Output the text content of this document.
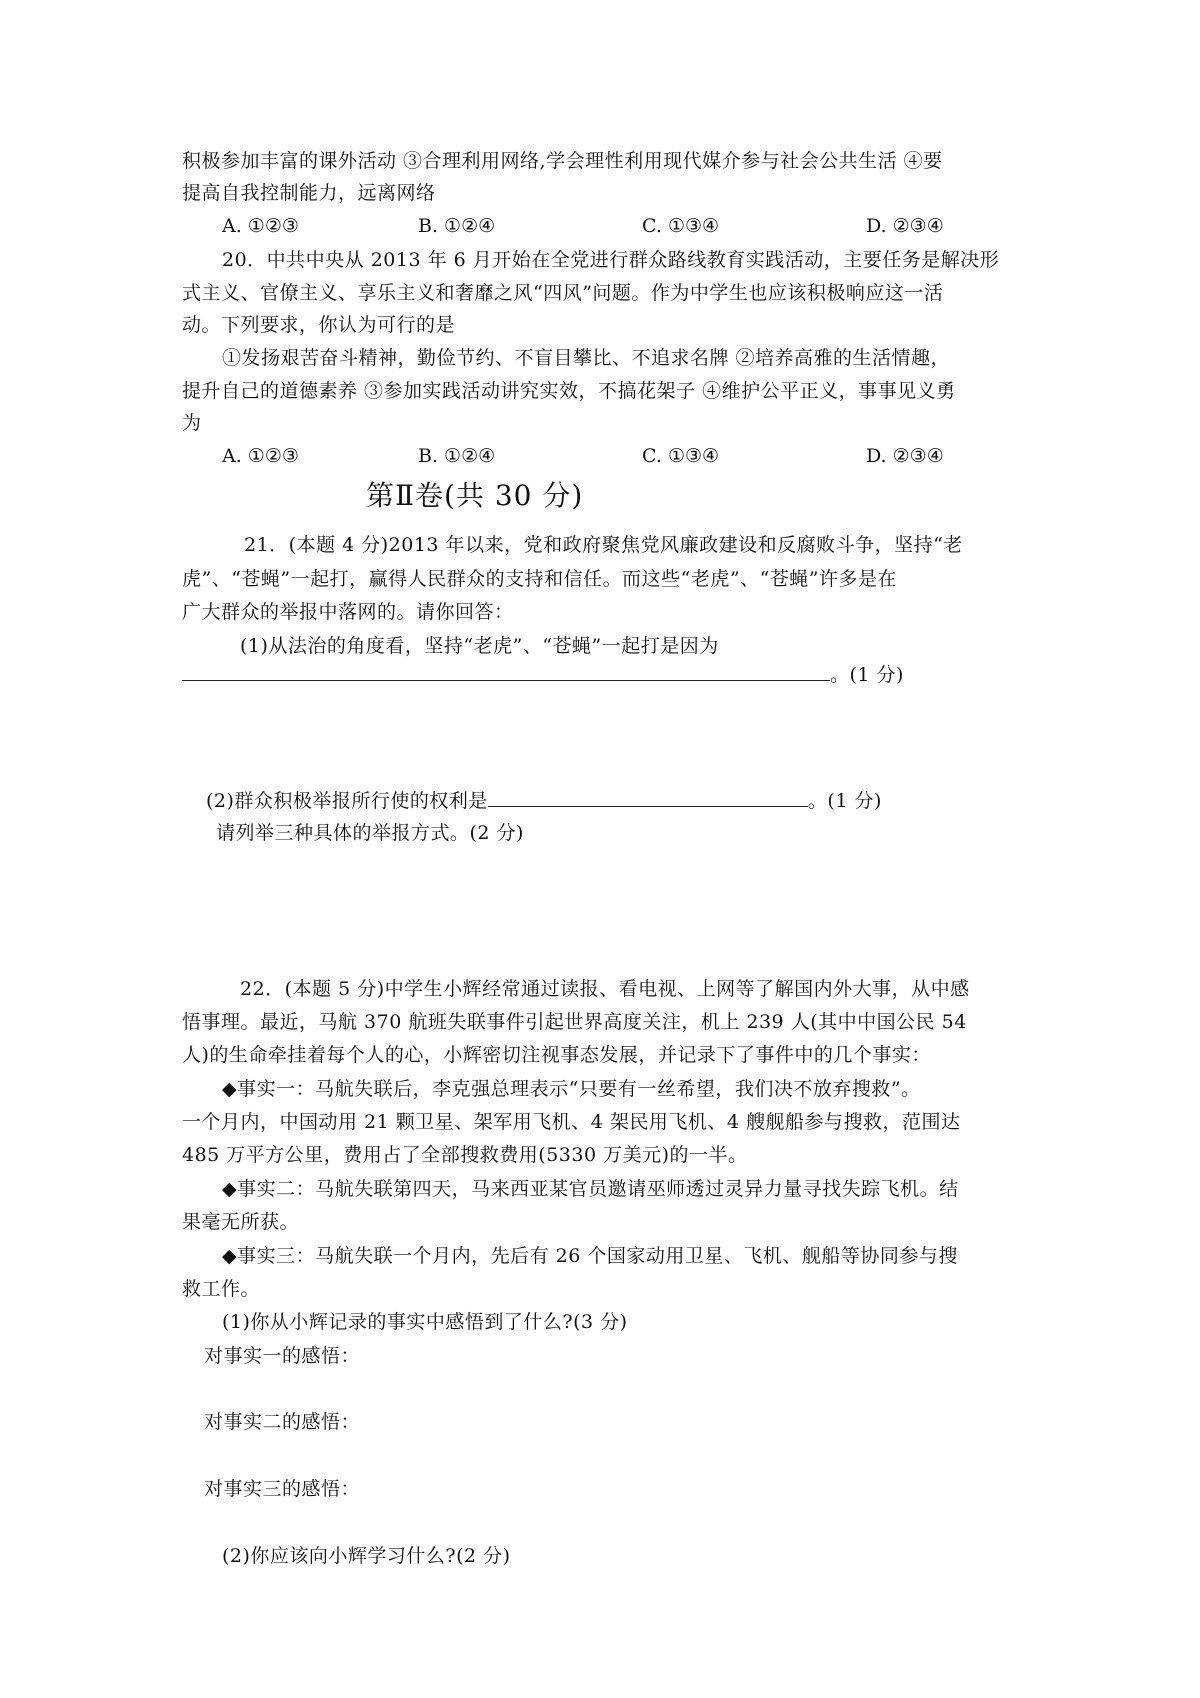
积极参加丰富的课外活动 ③合理利用网络,学会理性利用现代媒介参与社会公共生活 ④要
提高自我控制能力，远离网络
A. ①②③	B. ①②④	C. ①③④	D. ②③④
20．中共中央从 2013 年 6 月开始在全党进行群众路线教育实践活动，主要任务是解决形
式主义、官僚主义、享乐主义和奢靡之风“四风”问题。作为中学生也应该积极响应这一活
动。下列要求，你认为可行的是
①发扬艰苦奋斗精神，勤俭节约、不盲目攀比、不追求名牌 ②培养高雅的生活情趣，
提升自己的道德素养 ③参加实践活动讲究实效，不搞花架子 ④维护公平正义，事事见义勇
为
A. ①②③	B. ①②④	C. ①③④	D. ②③④
第Ⅱ卷(共 30 分)
21．(本题 4 分)2013 年以来，党和政府聚焦党风廉政建设和反腐败斗争，坚持“老
虎”、“苍蝇”一起打，赢得人民群众的支持和信任。而这些“老虎”、“苍蝇”许多是在
广大群众的举报中落网的。请你回答：
(1)从法治的角度看，坚持“老虎”、“苍蝇”一起打是因为
。(1 分)
(2)群众积极举报所行使的权利是	。(1 分)
请列举三种具体的举报方式。(2 分)
22．(本题 5 分)中学生小辉经常通过读报、看电视、上网等了解国内外大事，从中感
悟事理。最近，马航 370 航班失联事件引起世界高度关注，机上 239 人(其中中国公民 54
人)的生命牵挂着每个人的心，小辉密切注视事态发展，并记录下了事件中的几个事实：
◆事实一：马航失联后，李克强总理表示“只要有一丝希望，我们决不放弃搜救”。
一个月内，中国动用 21 颗卫星、架军用飞机、4 架民用飞机、4 艘舰船参与搜救，范围达
485 万平方公里，费用占了全部搜救费用(5330 万美元)的一半。
◆事实二：马航失联第四天，马来西亚某官员邀请巫师透过灵异力量寻找失踪飞机。结
果毫无所获。
◆事实三：马航失联一个月内，先后有 26 个国家动用卫星、飞机、舰船等协同参与搜
救工作。
(1)你从小辉记录的事实中感悟到了什么?(3 分)
对事实一的感悟：
对事实二的感悟：
对事实三的感悟：
(2)你应该向小辉学习什么?(2 分)
